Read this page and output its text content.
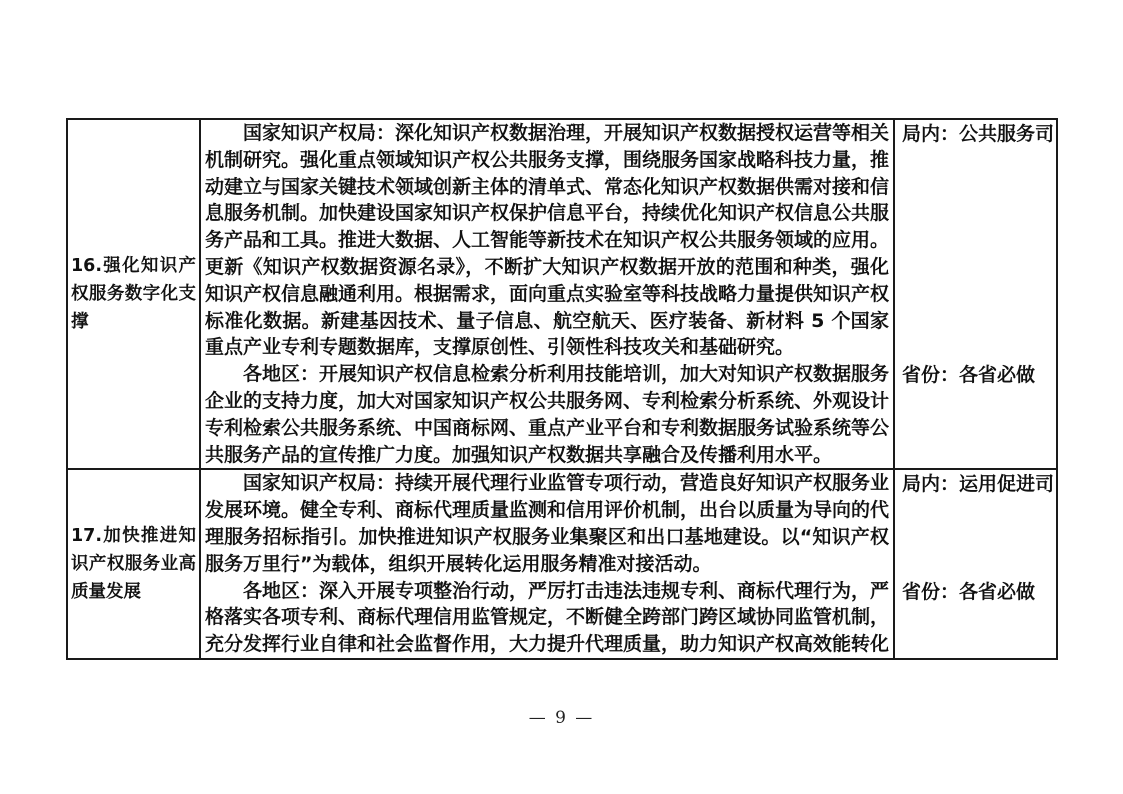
16.强化知识产权服务数字化支撑

国家知识产权局：深化知识产权数据治理，开展知识产权数据授权运营等相关机制研究。强化重点领域知识产权公共服务支撑，围绕服务国家战略科技力量，推动建立与国家关键技术领域创新主体的清单式、常态化知识产权数据供需对接和信息服务机制。加快建设国家知识产权保护信息平台，持续优化知识产权信息公共服务产品和工具。推进大数据、人工智能等新技术在知识产权公共服务领域的应用。更新《知识产权数据资源名录》，不断扩大知识产权数据开放的范围和种类，强化知识产权信息融通利用。根据需求，面向重点实验室等科技战略力量提供知识产权标准化数据。新建基因技术、量子信息、航空航天、医疗装备、新材料 5 个国家重点产业专利专题数据库，支撑原创性、引领性科技攻关和基础研究。

局内：公共服务司

各地区：开展知识产权信息检索分析利用技能培训，加大对知识产权数据服务企业的支持力度，加大对国家知识产权公共服务网、专利检索分析系统、外观设计专利检索公共服务系统、中国商标网、重点产业平台和专利数据服务试验系统等公共服务产品的宣传推广力度。加强知识产权数据共享融合及传播利用水平。

省份：各省必做
17.加快推进知识产权服务业高质量发展

国家知识产权局：持续开展代理行业监管专项行动，营造良好知识产权服务业发展环境。健全专利、商标代理质量监测和信用评价机制，出台以质量为导向的代理服务招标指引。加快推进知识产权服务业集聚区和出口基地建设。以“知识产权服务万里行”为载体，组织开展转化运用服务精准对接活动。

局内：运用促进司

各地区：深入开展专项整治行动，严厉打击违法违规专利、商标代理行为，严格落实各项专利、商标代理信用监管规定，不断健全跨部门跨区域协同监管机制，充分发挥行业自律和社会监督作用，大力提升代理质量，助力知识产权高效能转化

省份：各省必做
— 9 —
